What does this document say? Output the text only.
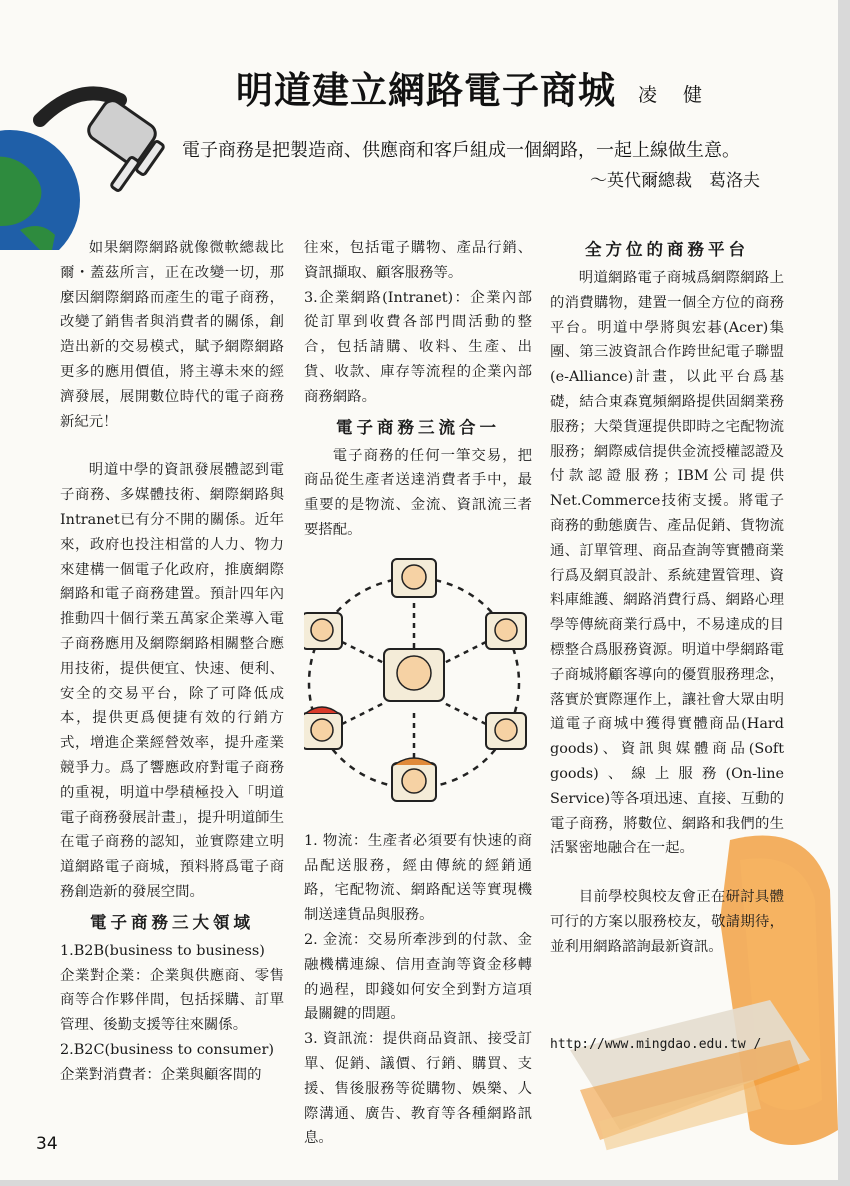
明道建立網路電子商城 凌 健
電子商務是把製造商、供應商和客戶組成一個網路，一起上線做生意。
～英代爾總裁　葛洛夫

如果網際網路就像微軟總裁比爾・蓋茲所言，正在改變一切，那麼因網際網路而產生的電子商務，改變了銷售者與消費者的關係，創造出新的交易模式，賦予網際網路更多的應用價值，將主導未來的經濟發展，展開數位時代的電子商務新紀元！

明道中學的資訊發展體認到電子商務、多媒體技術、網際網路與Intranet已有分不開的關係。近年來，政府也投注相當的人力、物力來建構一個電子化政府，推廣網際網路和電子商務建置。預計四年內推動四十個行業五萬家企業導入電子商務應用及網際網路相關整合應用技術，提供便宜、快速、便利、安全的交易平台，除了可降低成本，提供更爲便捷有效的行銷方式，增進企業經營效率，提升產業競爭力。爲了響應政府對電子商務的重視，明道中學積極投入「明道電子商務發展計畫」，提升明道師生在電子商務的認知，並實際建立明道網路電子商城，預料將爲電子商務創造新的發展空間。

電子商務三大領域

1.B2B(business to business)

企業對企業：企業與供應商、零售商等合作夥伴間，包括採購、訂單管理、後勤支援等往來關係。

2.B2C(business to consumer)

企業對消費者：企業與顧客間的

往來，包括電子購物、產品行銷、資訊擷取、顧客服務等。

3.企業網路(Intranet)：企業內部從訂單到收費各部門間活動的整合，包括請購、收料、生產、出貨、收款、庫存等流程的企業內部商務網路。

電子商務三流合一

電子商務的任何一筆交易，把商品從生產者送達消費者手中，最重要的是物流、金流、資訊流三者要搭配。

1. 物流：生產者必須要有快速的商品配送服務，經由傳統的經銷通路，宅配物流、網路配送等實現機制送達貨品與服務。

2. 金流：交易所牽涉到的付款、金融機構連線、信用查詢等資金移轉的過程，即錢如何安全到對方這項最關鍵的問題。

3. 資訊流：提供商品資訊、接受訂單、促銷、議價、行銷、購買、支援、售後服務等從購物、娛樂、人際溝通、廣告、教育等各種網路訊息。

全方位的商務平台

明道網路電子商城爲網際網路上的消費購物，建置一個全方位的商務平台。明道中學將與宏碁(Acer)集團、第三波資訊合作跨世紀電子聯盟(e-Alliance)計畫，以此平台爲基礎，結合東森寬頻網路提供固網業務服務；大榮貨運提供即時之宅配物流服務；網際威信提供金流授權認證及付款認證服務；IBM公司提供Net.Commerce技術支援。將電子商務的動態廣告、產品促銷、貨物流通、訂單管理、商品查詢等實體商業行爲及網頁設計、系統建置管理、資料庫維護、網路消費行爲、網路心理學等傳統商業行爲中，不易達成的目標整合爲服務資源。明道中學網路電子商城將顧客導向的優質服務理念，落實於實際運作上，讓社會大眾由明道電子商城中獲得實體商品(Hard goods)、資訊與媒體商品(Soft goods)、線上服務(On-line Service)等各項迅速、直接、互動的電子商務，將數位、網路和我們的生活緊密地融合在一起。

目前學校與校友會正在研討具體可行的方案以服務校友，敬請期待，並利用網路諮詢最新資訊。

http://www.mingdao.edu.tw /
34
